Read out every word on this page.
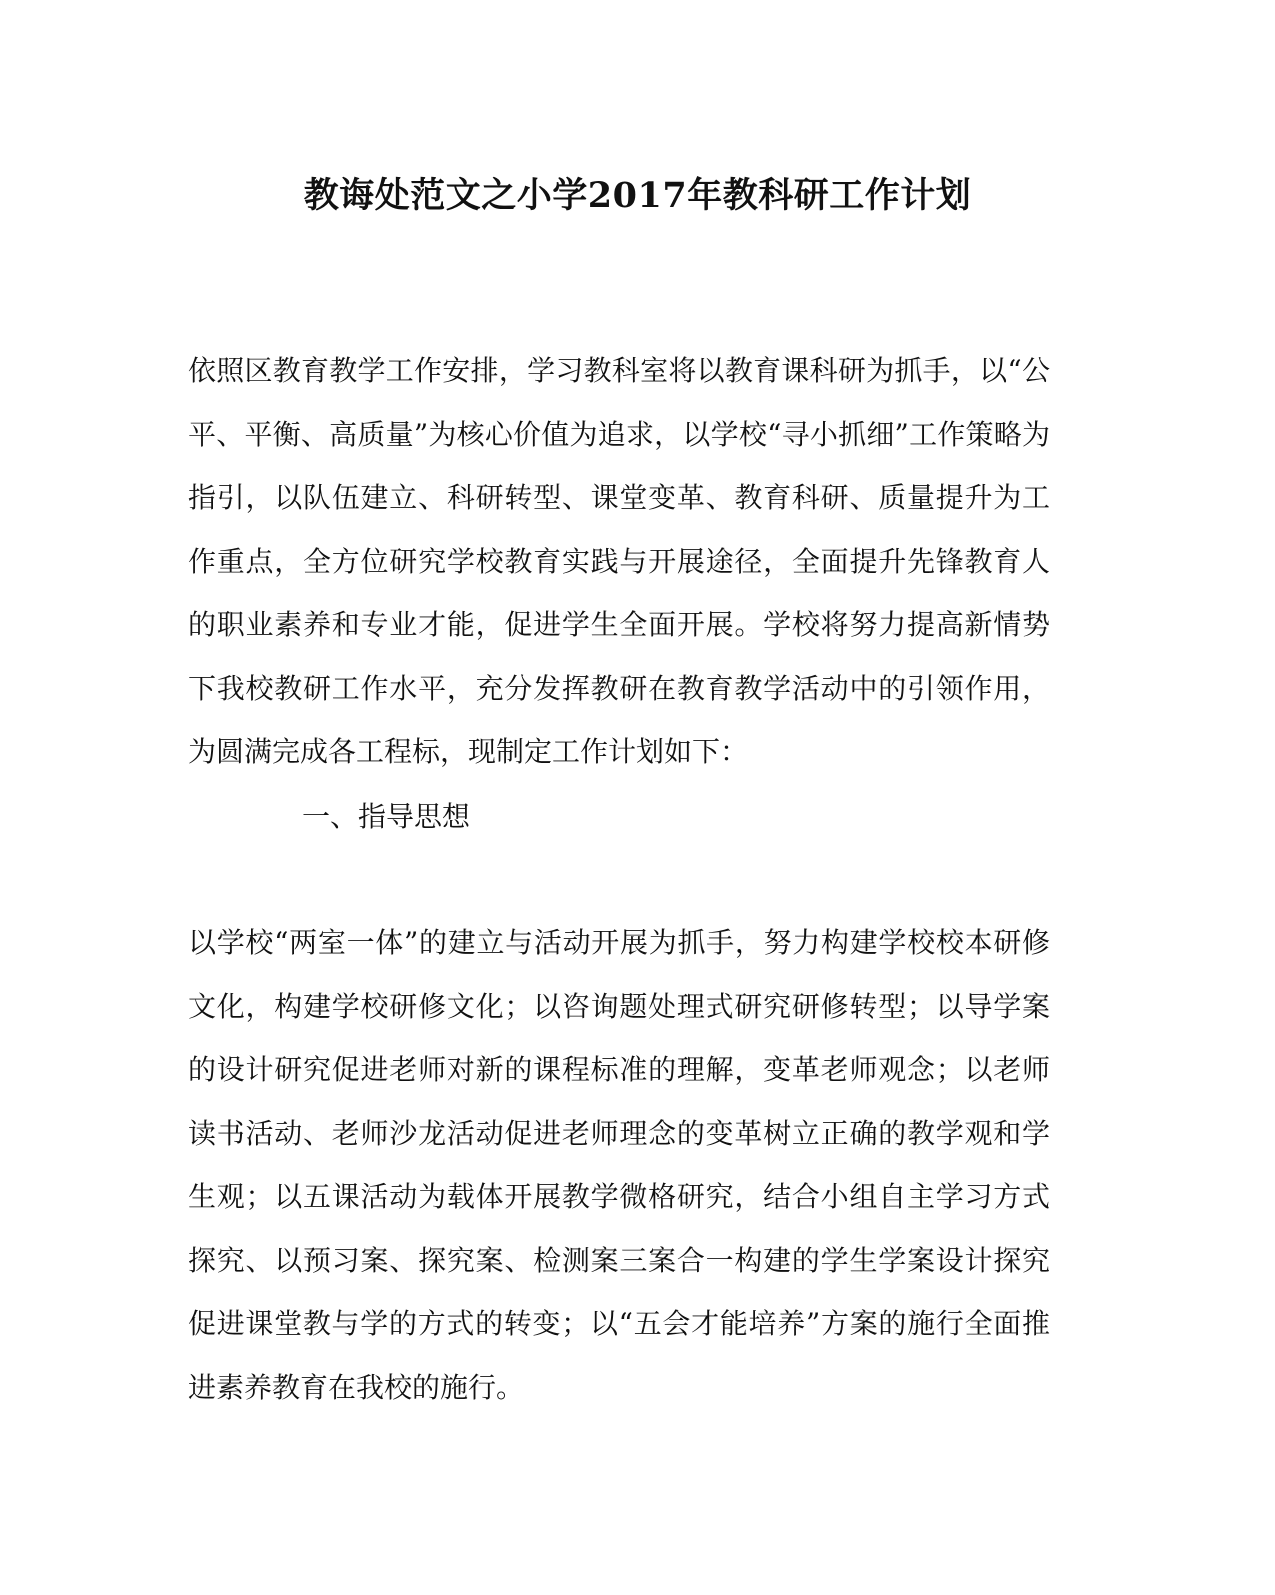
教诲处范文之小学2017年教科研工作计划

依照区教育教学工作安排，学习教科室将以教育课科研为抓手，以“公平、平衡、高质量”为核心价值为追求，以学校“寻小抓细”工作策略为指引，以队伍建立、科研转型、课堂变革、教育科研、质量提升为工作重点，全方位研究学校教育实践与开展途径，全面提升先锋教育人的职业素养和专业才能，促进学生全面开展。学校将努力提高新情势下我校教研工作水平，充分发挥教研在教育教学活动中的引领作用，为圆满完成各工程标，现制定工作计划如下：

一、指导思想

以学校“两室一体”的建立与活动开展为抓手，努力构建学校校本研修文化，构建学校研修文化；以咨询题处理式研究研修转型；以导学案的设计研究促进老师对新的课程标准的理解，变革老师观念；以老师读书活动、老师沙龙活动促进老师理念的变革树立正确的教学观和学生观；以五课活动为载体开展教学微格研究，结合小组自主学习方式探究、以预习案、探究案、检测案三案合一构建的学生学案设计探究促进课堂教与学的方式的转变；以“五会才能培养”方案的施行全面推进素养教育在我校的施行。
